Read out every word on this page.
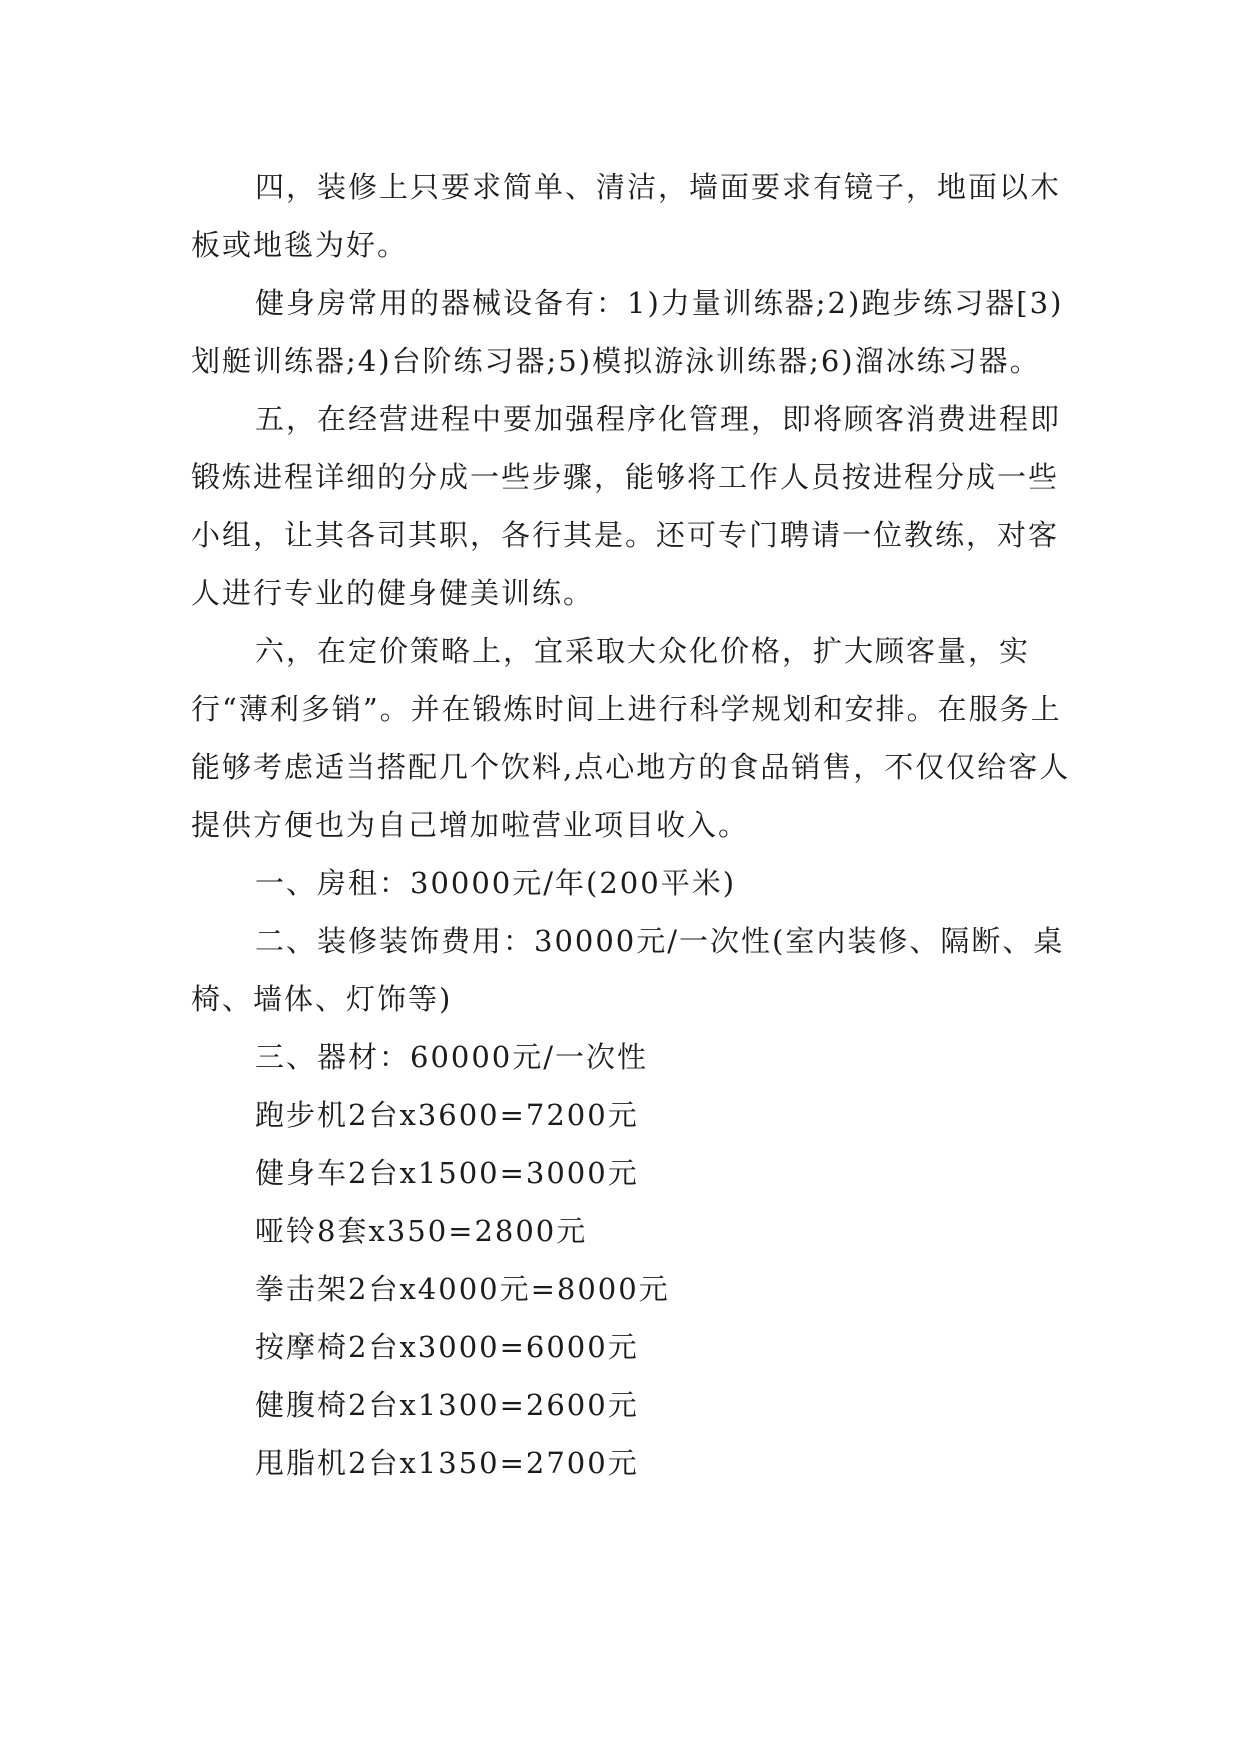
四，装修上只要求简单、清洁，墙面要求有镜子，地面以木板或地毯为好。

健身房常用的器械设备有：1)力量训练器;2)跑步练习器[3)划艇训练器;4)台阶练习器;5)模拟游泳训练器;6)溜冰练习器。

五，在经营进程中要加强程序化管理，即将顾客消费进程即锻炼进程详细的分成一些步骤，能够将工作人员按进程分成一些小组，让其各司其职，各行其是。还可专门聘请一位教练，对客人进行专业的健身健美训练。

六，在定价策略上，宜采取大众化价格，扩大顾客量，实行“薄利多销”。并在锻炼时间上进行科学规划和安排。在服务上能够考虑适当搭配几个饮料,点心地方的食品销售，不仅仅给客人提供方便也为自己增加啦营业项目收入。

一、房租：30000元/年(200平米)

二、装修装饰费用：30000元/一次性(室内装修、隔断、桌椅、墙体、灯饰等)

三、器材：60000元/一次性

跑步机2台x3600=7200元

健身车2台x1500=3000元

哑铃8套x350=2800元

拳击架2台x4000元=8000元

按摩椅2台x3000=6000元

健腹椅2台x1300=2600元

甩脂机2台x1350=2700元
